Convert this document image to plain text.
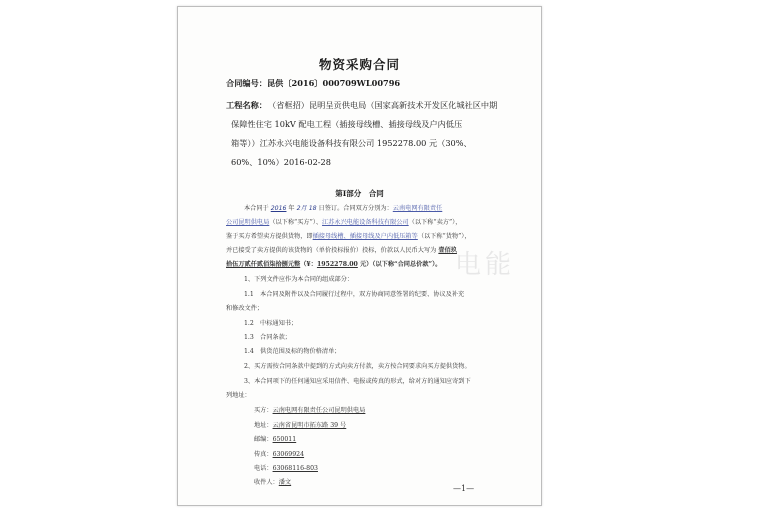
物资采购合同
合同编号：昆供〔2016〕000709WL00796
工程名称： （省框招）昆明呈贡供电局（国家高新技术开发区化城社区中期
保障性住宅 10kV 配电工程（插接母线槽、插接母线及户内低压
箱等））江苏永兴电能设备科技有限公司 1952278.00 元（30%、
60%、10%）2016-02-28
第Ⅰ部分　合同
本合同于 2016 年 2月 18 日签订。合同双方分别为：云南电网有限责任
公司昆明供电局（以下称“买方”）、江苏永兴电能设备科技有限公司（以下称“卖方”），
鉴于买方希望卖方提供货物，即插接母线槽、插接母线及户内低压箱等（以下称“货物”），
并已接受了卖方提供的该货物的（单价投标报价）投标，价款以人民币大写为 壹佰玖
拾伍万贰仟贰佰柒拾捌元整（¥：1952278.00 元）（以下称“合同总价款”）。
1、下列文件应作为本合同的组成部分：
1.1　本合同及附件以及合同履行过程中，双方协商同意签署的纪要、协议及补充
和修改文件；
1.2　中标通知书；
1.3　合同条款；
1.4　供货范围及标的物价格清单；
2、买方需按合同条款中提到的方式向卖方付款，卖方按合同要求向买方提供货物。
3、本合同项下的任何通知应采用信件、电报或传真的形式，给对方的通知应寄到下
列地址：
买方：云南电网有限责任公司昆明供电局
地址：云南省昆明市拓东路 39 号
邮编：650011
传真：63069924
电话：63068116-803
收件人：潘文
电能
—1—
